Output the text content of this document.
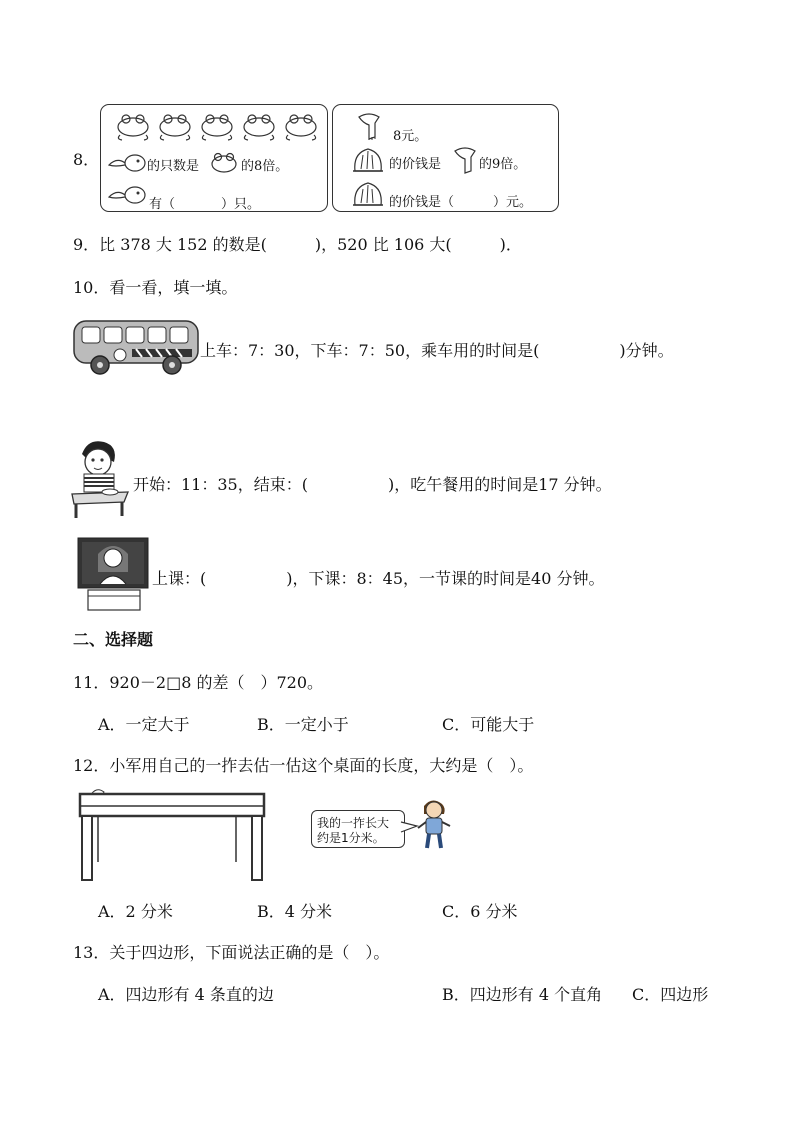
8．	的只数是	的8倍。
有（	）只。
8元。
的价钱是	的9倍。
的价钱是（	）元。
9．比 378 大 152 的数是(　　　)，520 比 106 大(　　　)．
10．看一看，填一填。
上车：7：30，下车：7：50，乘车用的时间是(　　　　　)分钟。
开始：11：35，结束：(　　　　　)，吃午餐用的时间是17 分钟。
上课：(　　　　　)，下课：8：45，一节课的时间是40 分钟。
二、选择题
11．920－2□8 的差（　）720。
A．一定大于	B．一定小于	C．可能大于
12．小军用自己的一拃去估一估这个桌面的长度，大约是（　）。
我的一拃长大
约是1分米。
A．2 分米	B．4 分米	C．6 分米
13．关于四边形，下面说法正确的是（　）。
A．四边形有 4 条直的边	B．四边形有 4 个直角 C．四边形
